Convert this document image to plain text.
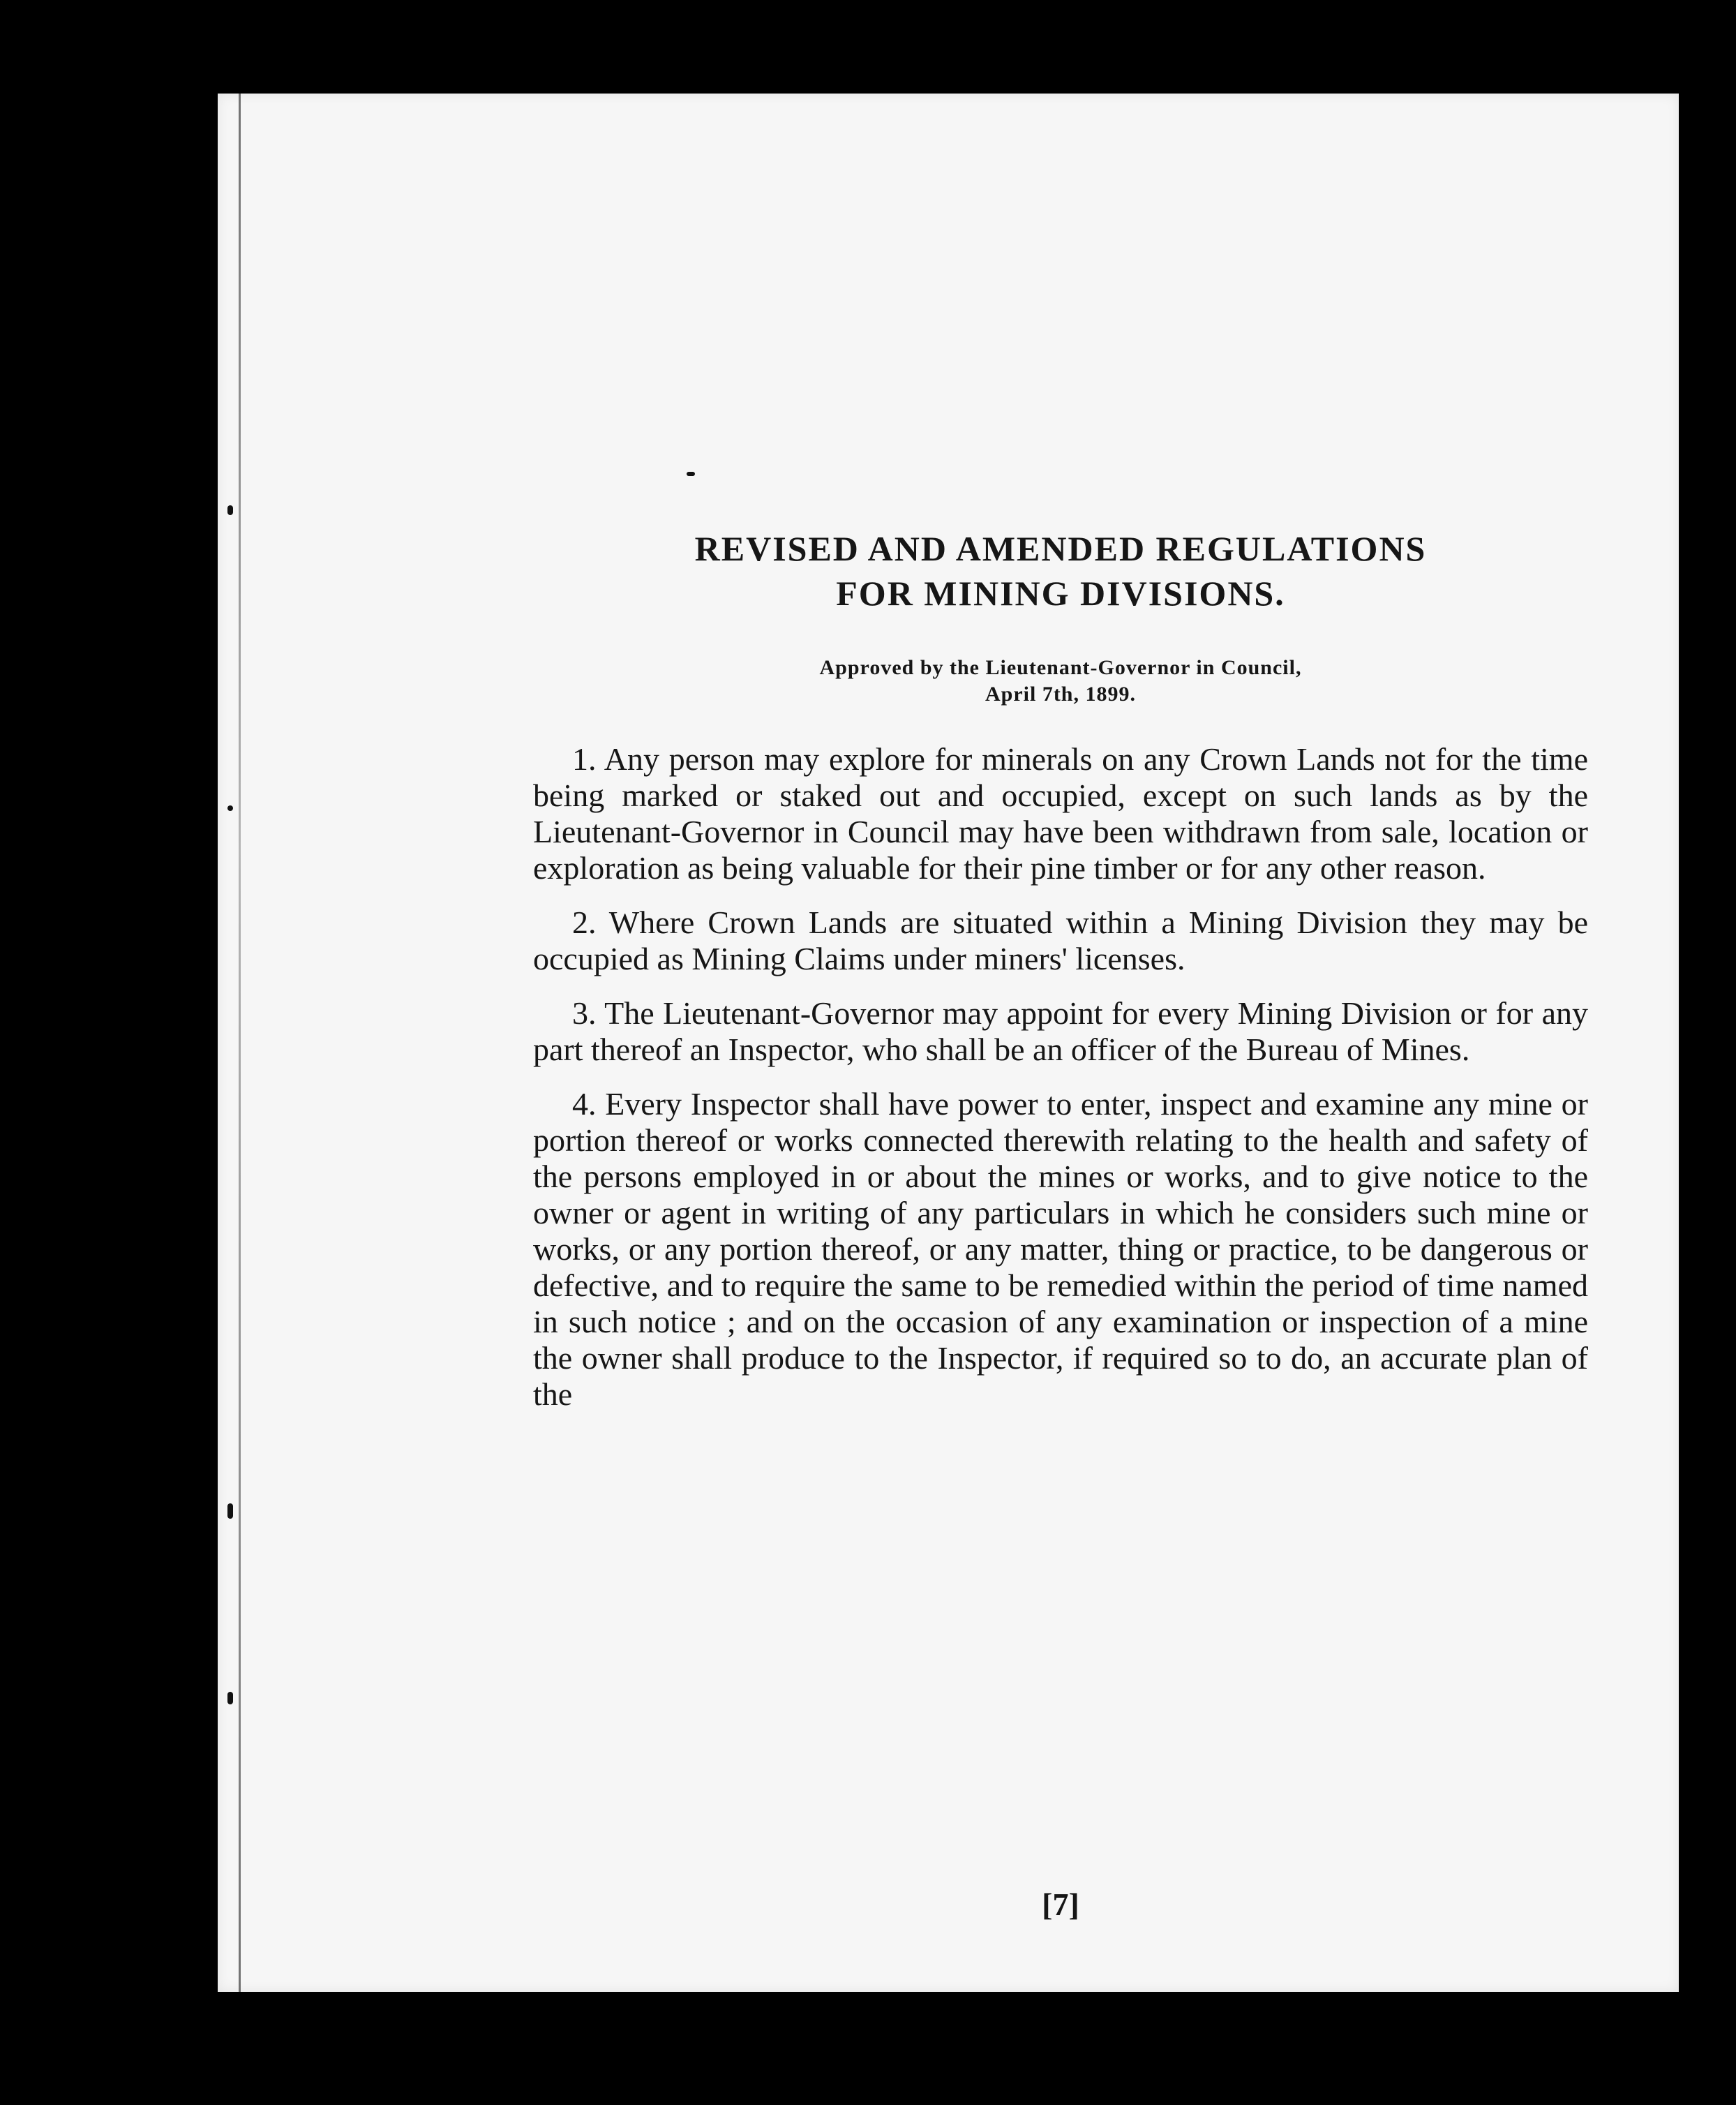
REVISED AND AMENDED REGULATIONS
FOR MINING DIVISIONS.
Approved by the Lieutenant-Governor in Council,
April 7th, 1899.

1. Any person may explore for minerals on any Crown Lands not for the time being marked or staked out and occupied, except on such lands as by the Lieutenant-Governor in Council may have been withdrawn from sale, location or exploration as being valuable for their pine timber or for any other reason.

2. Where Crown Lands are situated within a Mining Division they may be occupied as Mining Claims under miners' licenses.

3. The Lieutenant-Governor may appoint for every Mining Division or for any part thereof an Inspector, who shall be an officer of the Bureau of Mines.

4. Every Inspector shall have power to enter, inspect and examine any mine or portion thereof or works connected therewith relating to the health and safety of the persons employed in or about the mines or works, and to give notice to the owner or agent in writing of any particulars in which he considers such mine or works, or any portion thereof, or any matter, thing or practice, to be dangerous or defective, and to require the same to be remedied within the period of time named in such notice ; and on the occasion of any examination or inspection of a mine the owner shall produce to the Inspector, if required so to do, an accurate plan of the

[7]
